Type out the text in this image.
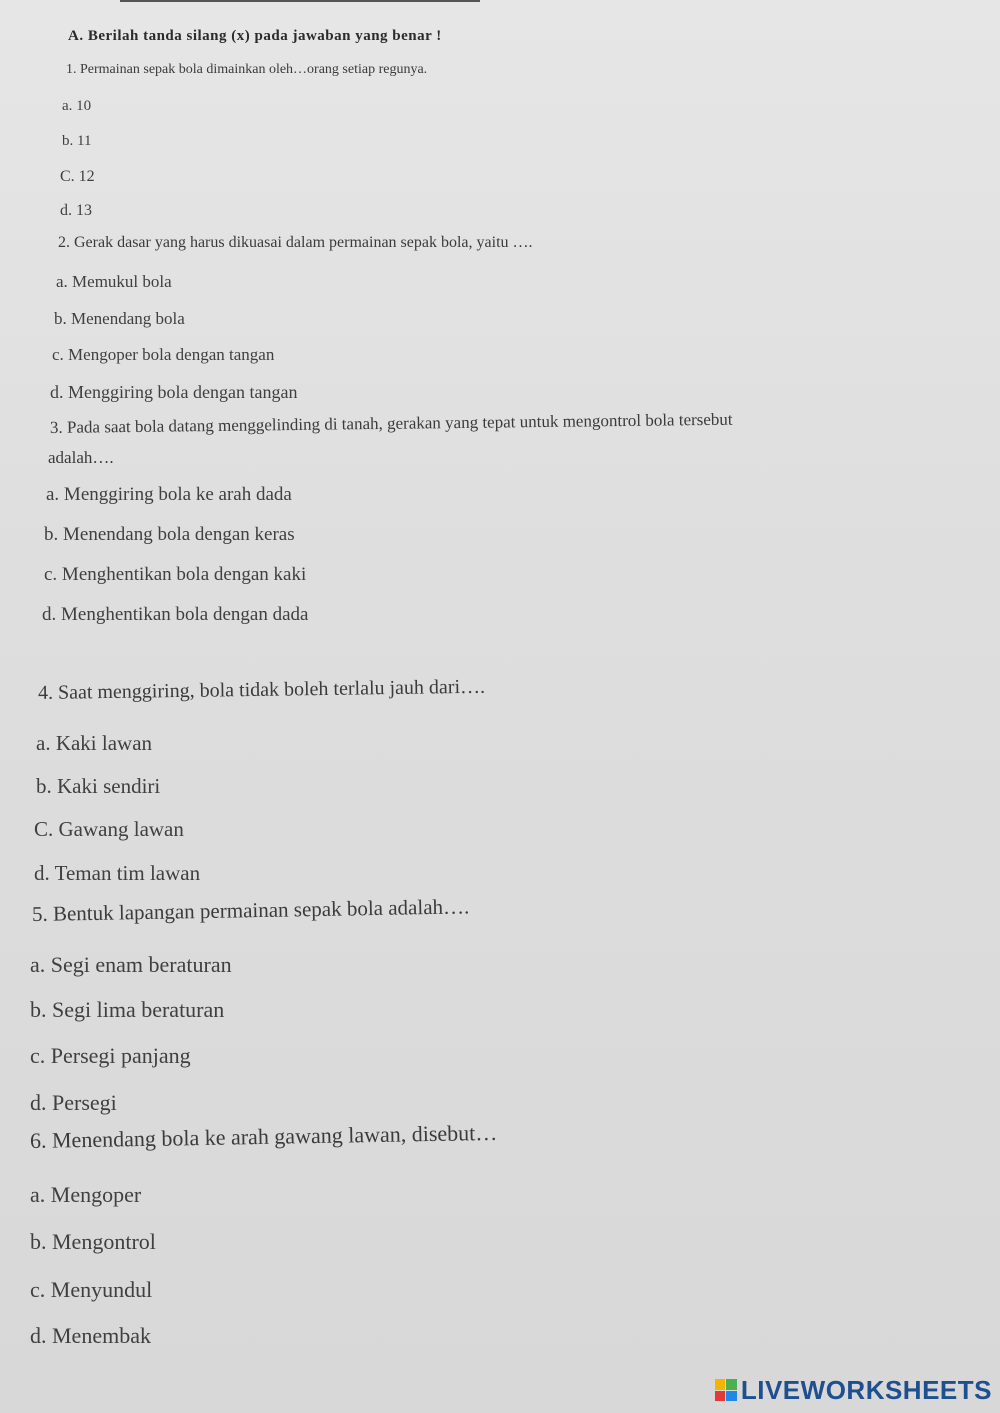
A. Berilah tanda silang (x) pada jawaban yang benar !
1. Permainan sepak bola dimainkan oleh…orang setiap regunya.
a. 10
b. 11
C. 12
d. 13
2. Gerak dasar yang harus dikuasai dalam permainan sepak bola, yaitu ….
a. Memukul bola
b. Menendang bola
c. Mengoper bola dengan tangan
d. Menggiring bola dengan tangan
3. Pada saat bola datang menggelinding di tanah, gerakan yang tepat untuk mengontrol bola tersebut
adalah….
a. Menggiring bola ke arah dada
b. Menendang bola dengan keras
c. Menghentikan bola dengan kaki
d. Menghentikan bola dengan dada
4. Saat menggiring, bola tidak boleh terlalu jauh dari….
a. Kaki lawan
b. Kaki sendiri
C. Gawang lawan
d. Teman tim lawan
5. Bentuk lapangan permainan sepak bola adalah….
a. Segi enam beraturan
b. Segi lima beraturan
c. Persegi panjang
d. Persegi
6. Menendang bola ke arah gawang lawan, disebut…
a. Mengoper
b. Mengontrol
c. Menyundul
d. Menembak
LIVEWORKSHEETS
